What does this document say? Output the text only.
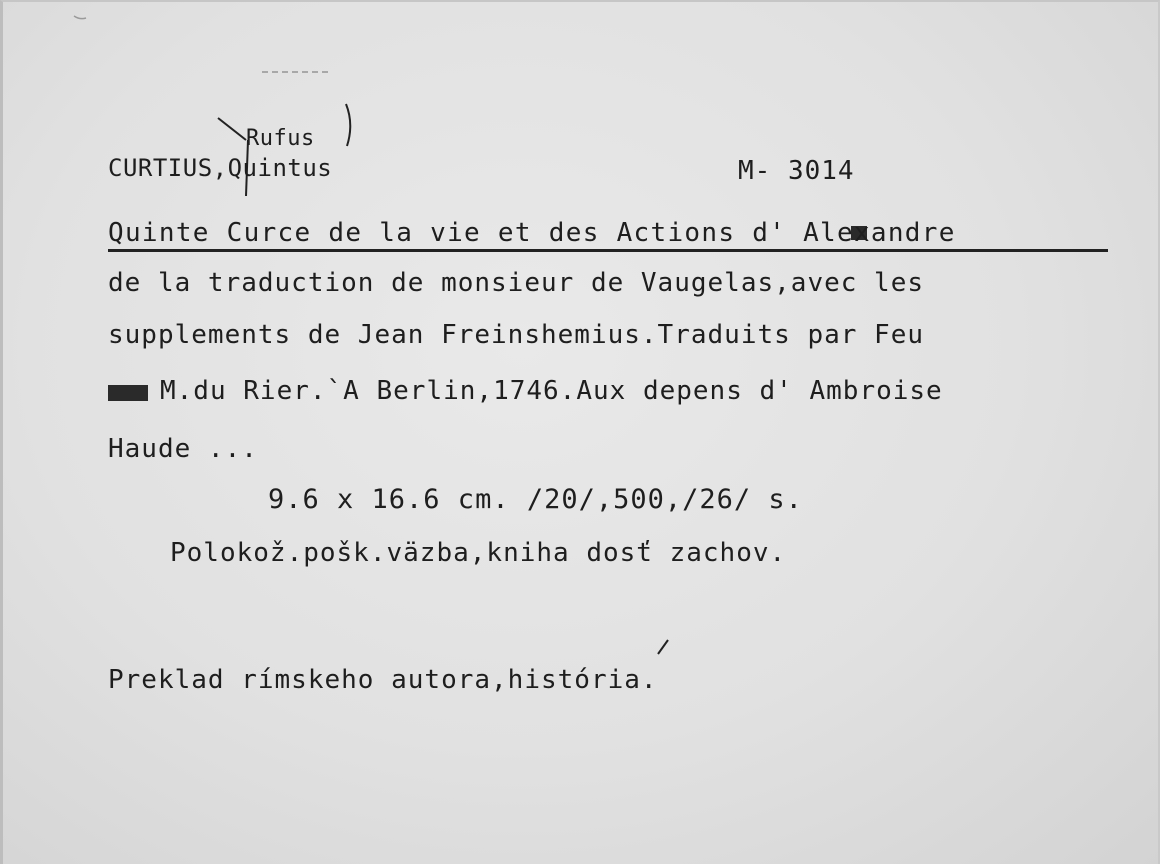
Rufus
CURTIUS,Quintus	M- 3014
Quinte Curce de la vie et des Actions d' Alexandre
de la traduction de monsieur de Vaugelas,avec les
supplements de Jean Freinshemius.Traduits par Feu
M.du Rier.`A Berlin,1746.Aux depens d' Ambroise
Haude ...
9.6 x 16.6 cm. /20/,500,/26/ s.
Polokož.pošk.väzba,kniha dosť zachov.
Preklad rímskeho autora,história.
